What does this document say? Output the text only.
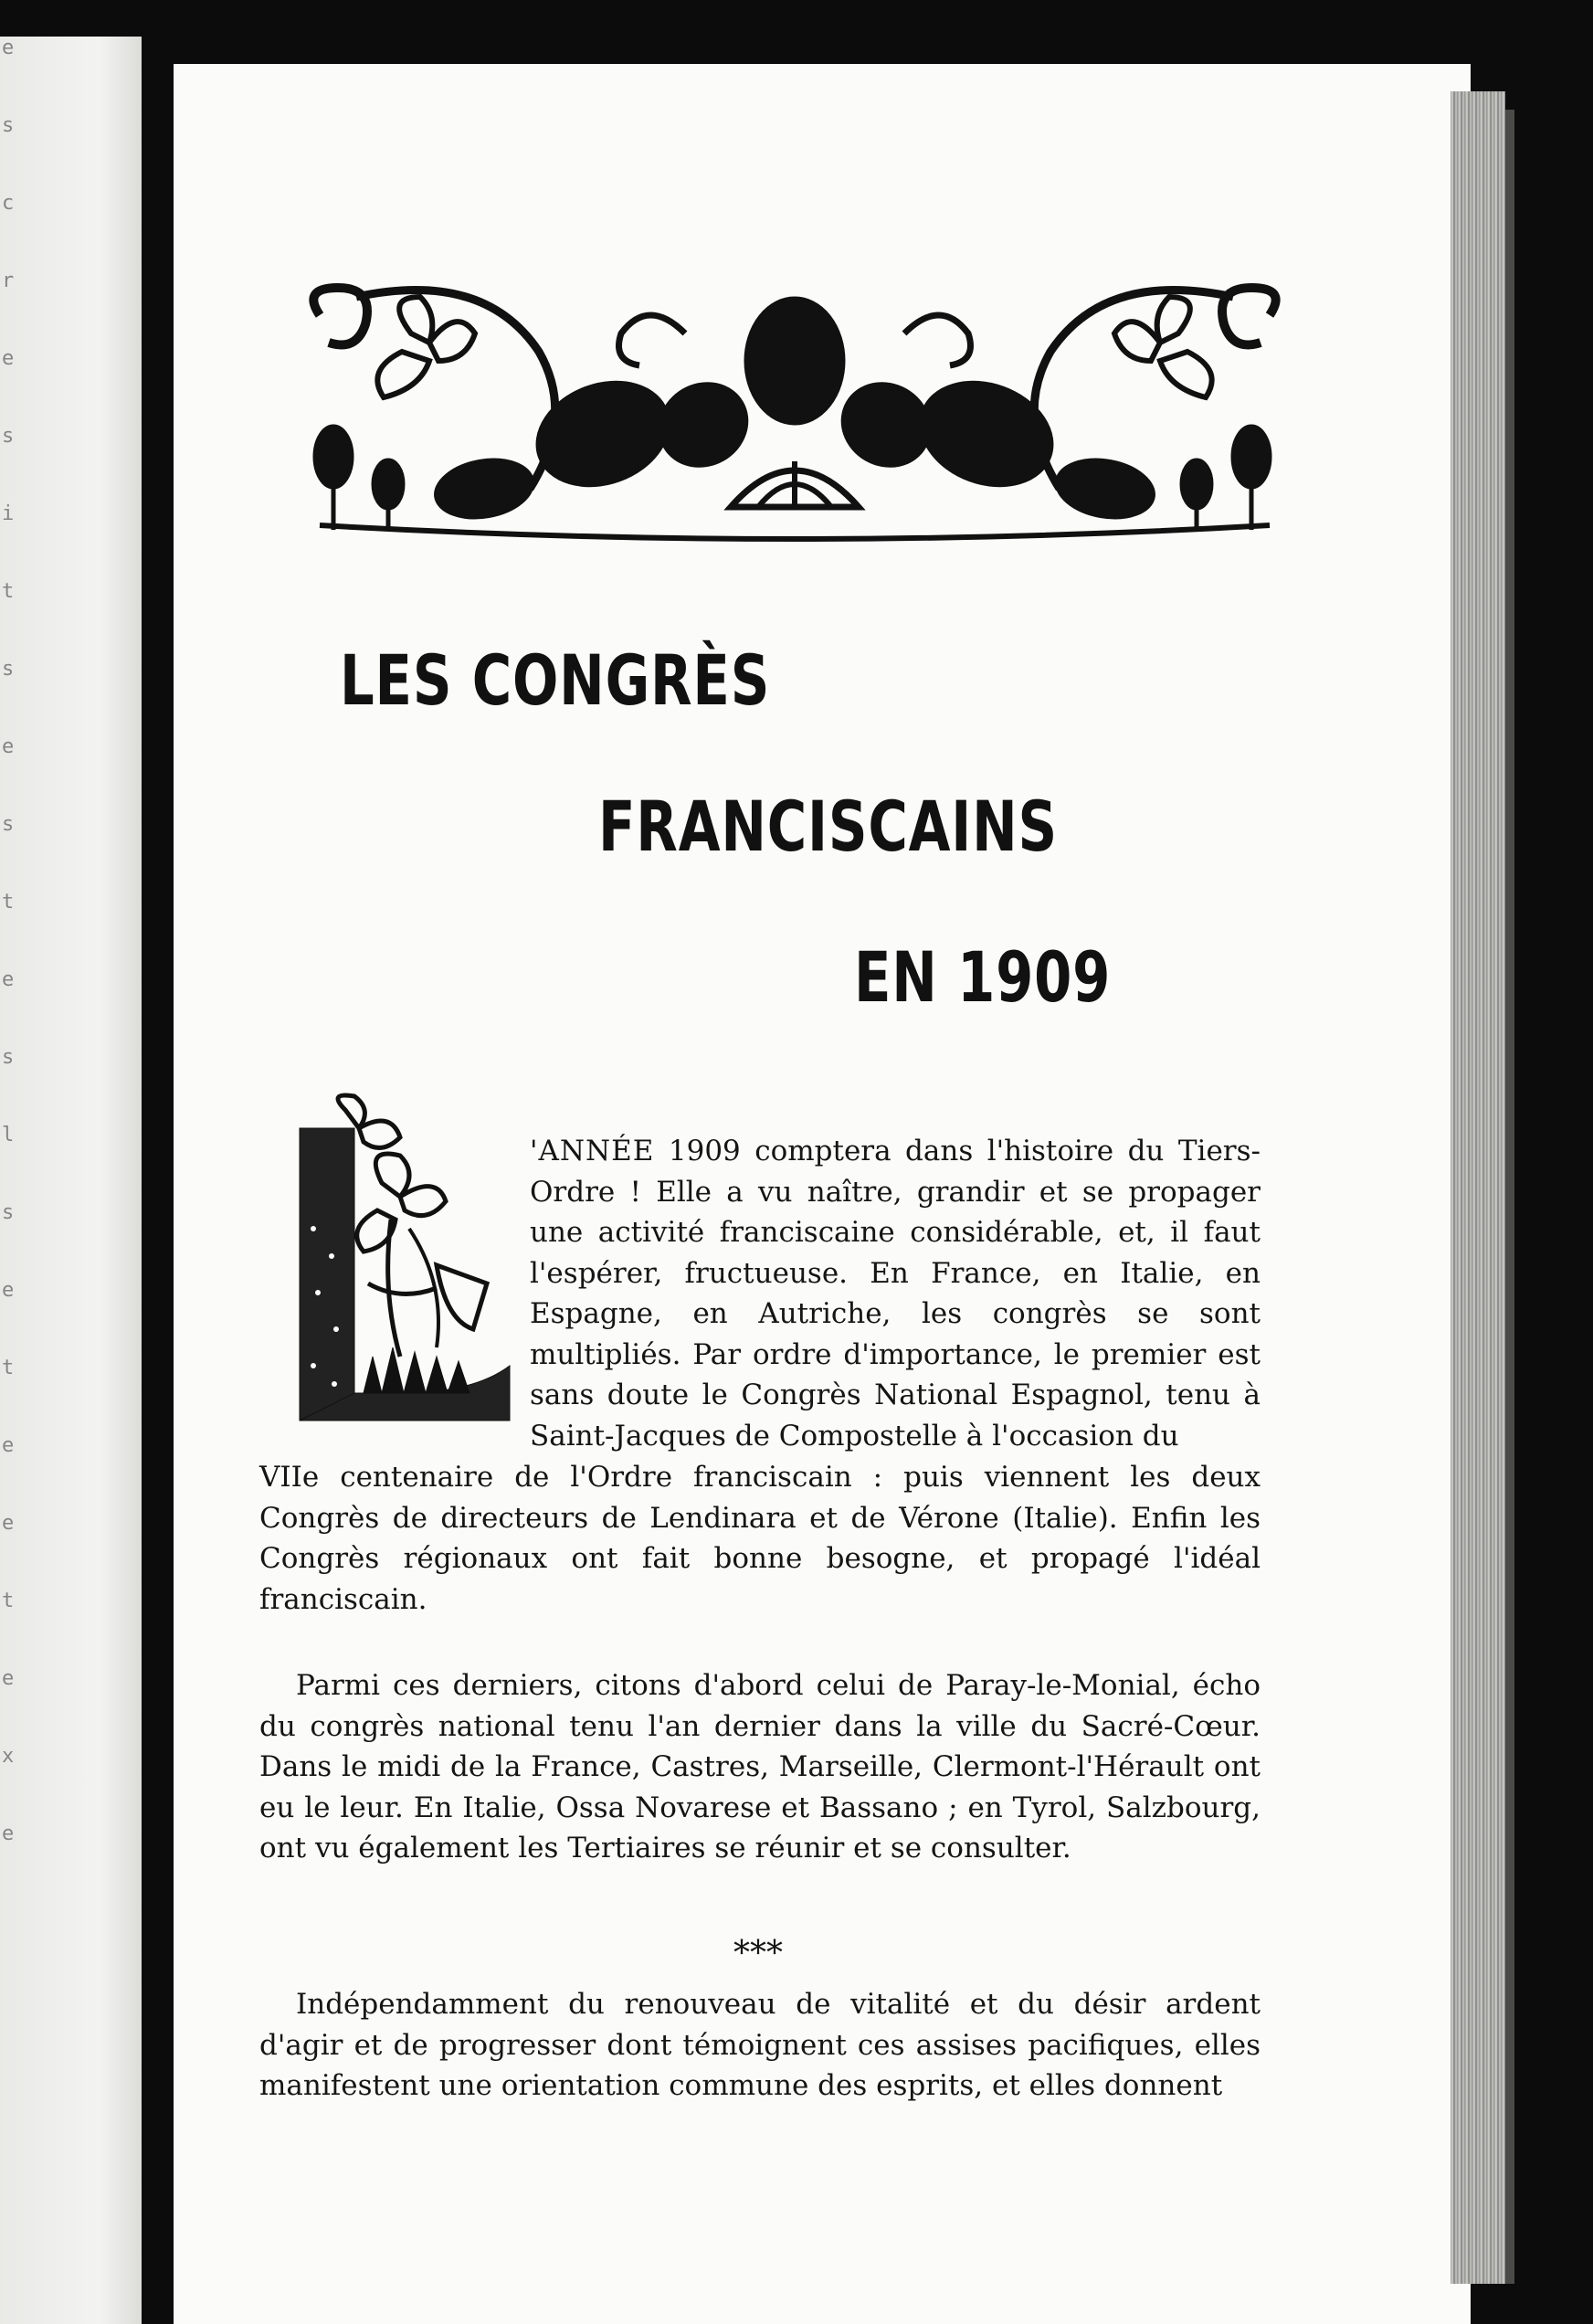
e
s
c
r
e
s
i
t
s
e
s
t
e
s
l
s
e
t
e
e
t
e
x
e
LES CONGRÈS
FRANCISCAINS
EN 1909

'ANNÉE 1909 comptera dans l'histoire du Tiers-Ordre ! Elle a vu naître, grandir et se propager une activité franciscaine considérable, et, il faut l'espérer, fructueuse. En France, en Italie, en Espagne, en Autriche, les congrès se sont multipliés. Par ordre d'importance, le premier est sans doute le Congrès National Espagnol, tenu à Saint-Jacques de Compostelle à l'occasion du

VIIe centenaire de l'Ordre franciscain : puis viennent les deux Congrès de directeurs de Lendinara et de Vérone (Italie). Enfin les Congrès régionaux ont fait bonne besogne, et propagé l'idéal franciscain.

Parmi ces derniers, citons d'abord celui de Paray-le-Monial, écho du congrès national tenu l'an dernier dans la ville du Sacré-Cœur. Dans le midi de la France, Castres, Marseille, Clermont-l'Hérault ont eu le leur. En Italie, Ossa Novarese et Bassano ; en Tyrol, Salzbourg, ont vu également les Tertiaires se réunir et se consulter.

***

Indépendamment du renouveau de vitalité et du désir ardent d'agir et de progresser dont témoignent ces assises pacifiques, elles manifestent une orientation commune des esprits, et elles donnent
